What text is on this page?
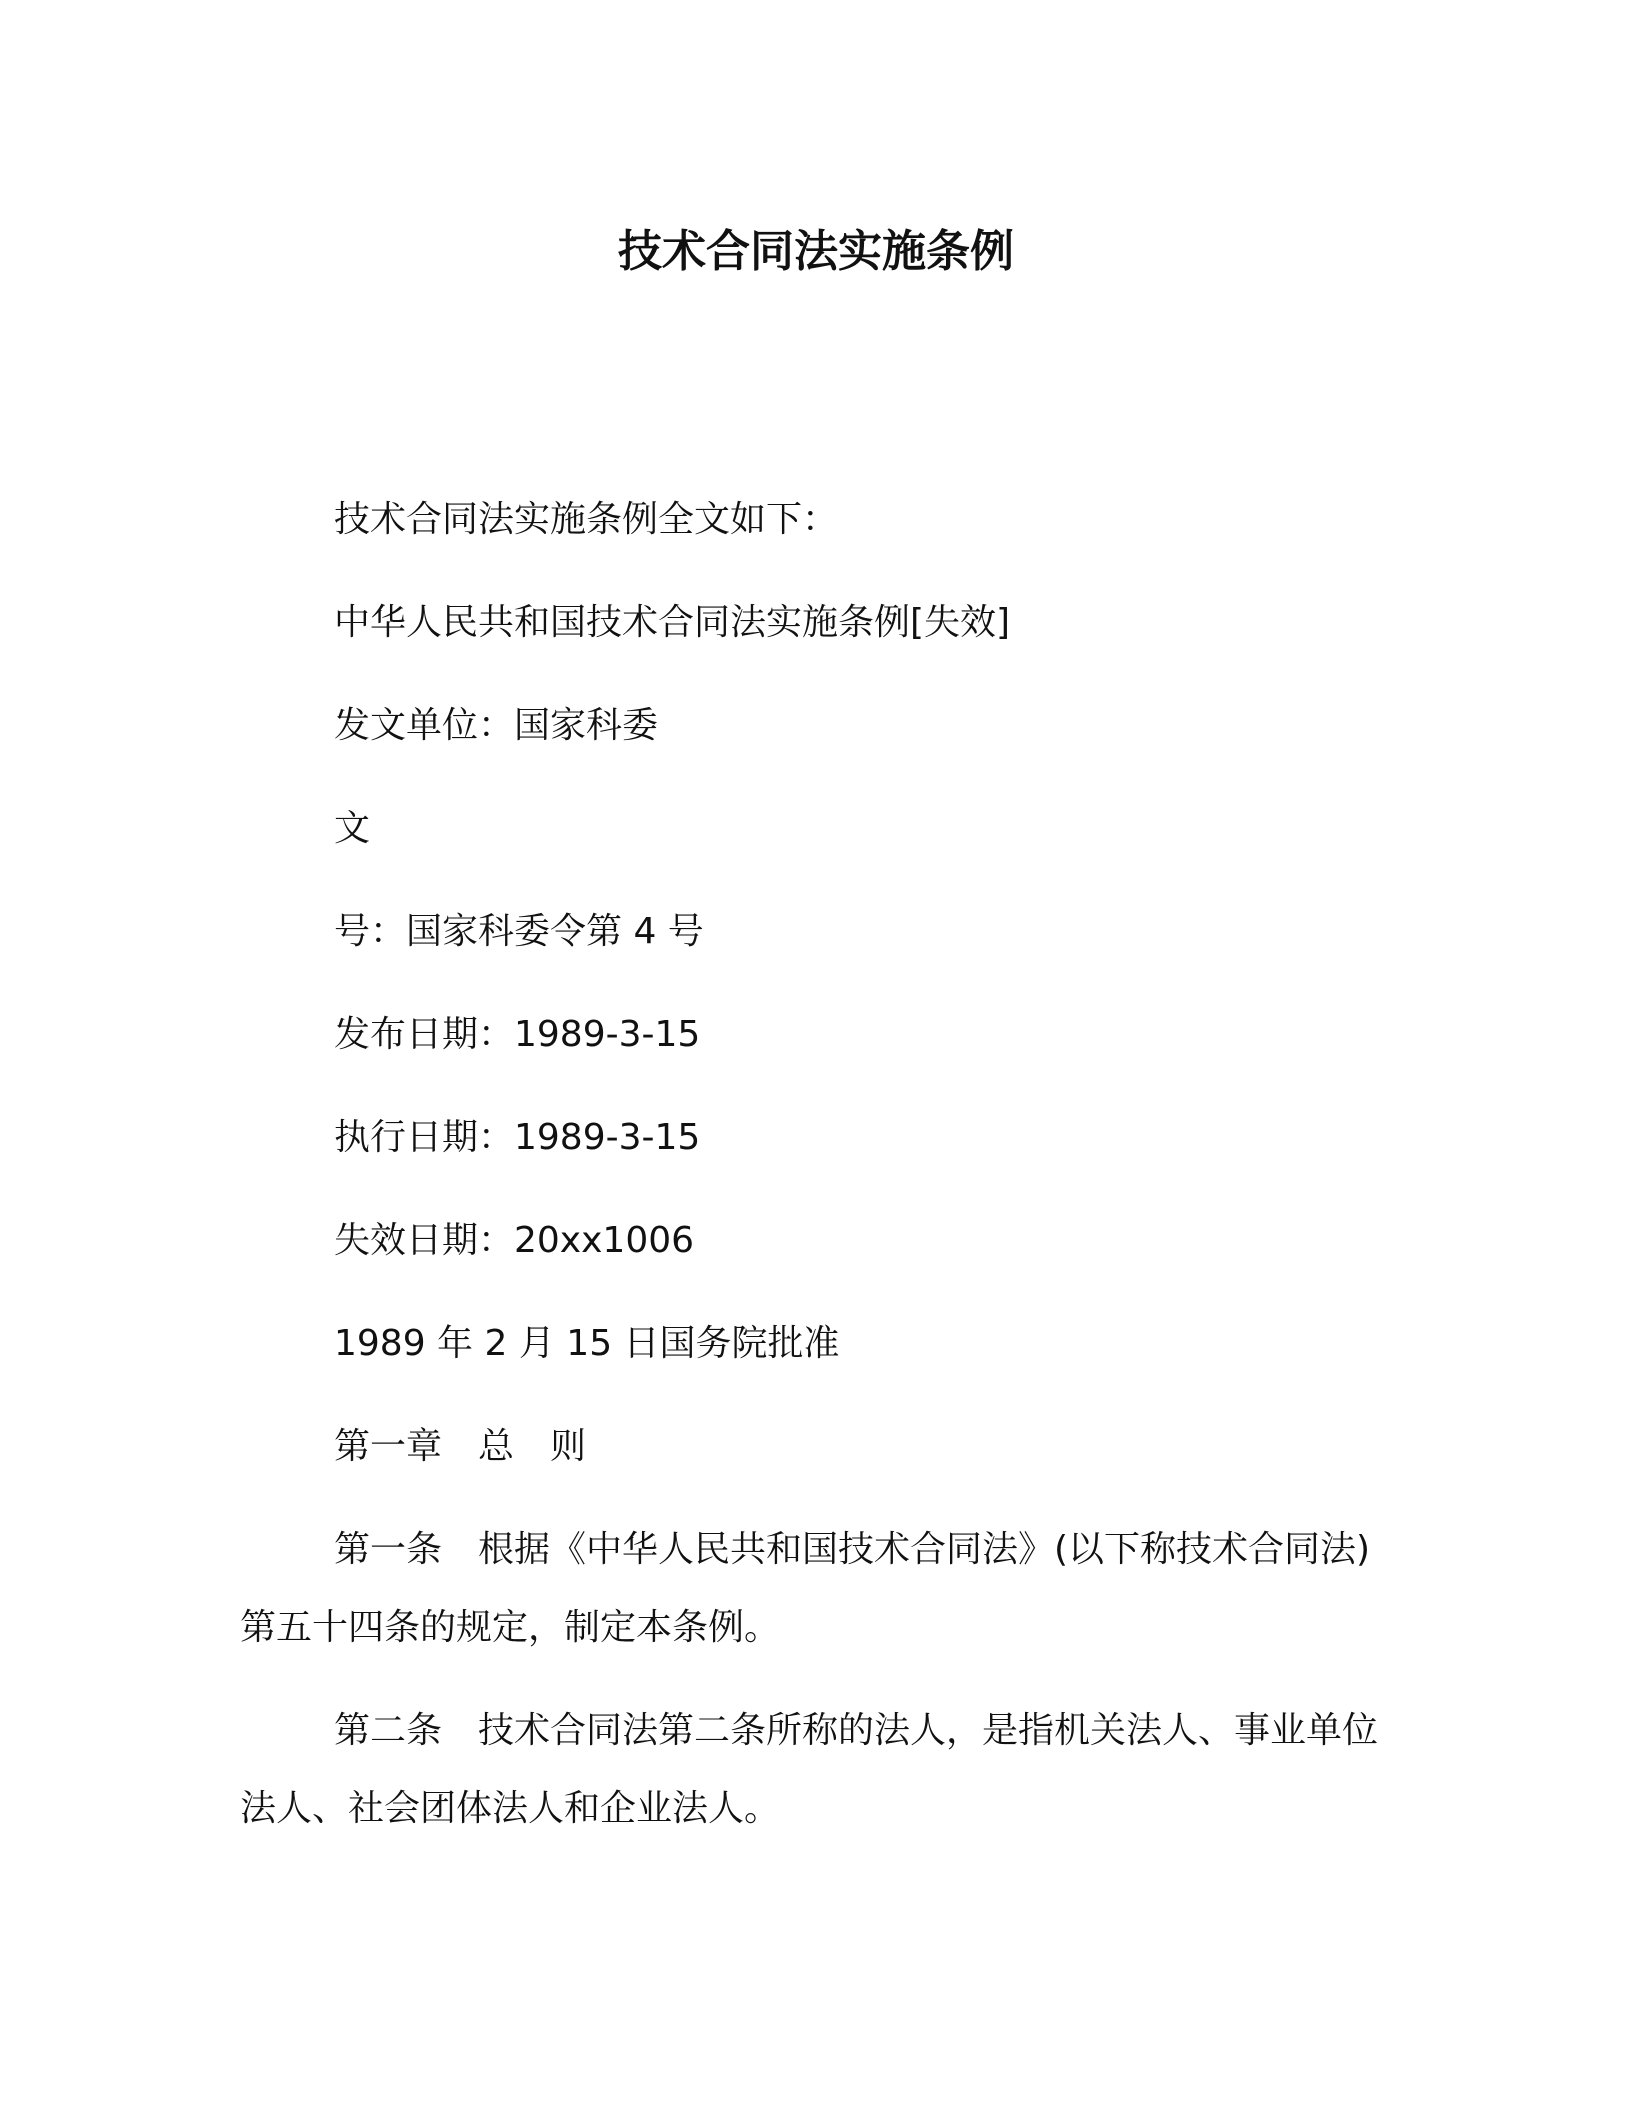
技术合同法实施条例
技术合同法实施条例全文如下：
中华人民共和国技术合同法实施条例[失效]
发文单位：国家科委
文
号：国家科委令第 4 号
发布日期：1989-3-15
执行日期：1989-3-15
失效日期：20xx1006
1989 年 2 月 15 日国务院批准
第一章　总　则

第一条　根据《中华人民共和国技术合同法》(以下称技术合同法)第五十四条的规定，制定本条例。

第二条　技术合同法第二条所称的法人，是指机关法人、事业单位法人、社会团体法人和企业法人。
